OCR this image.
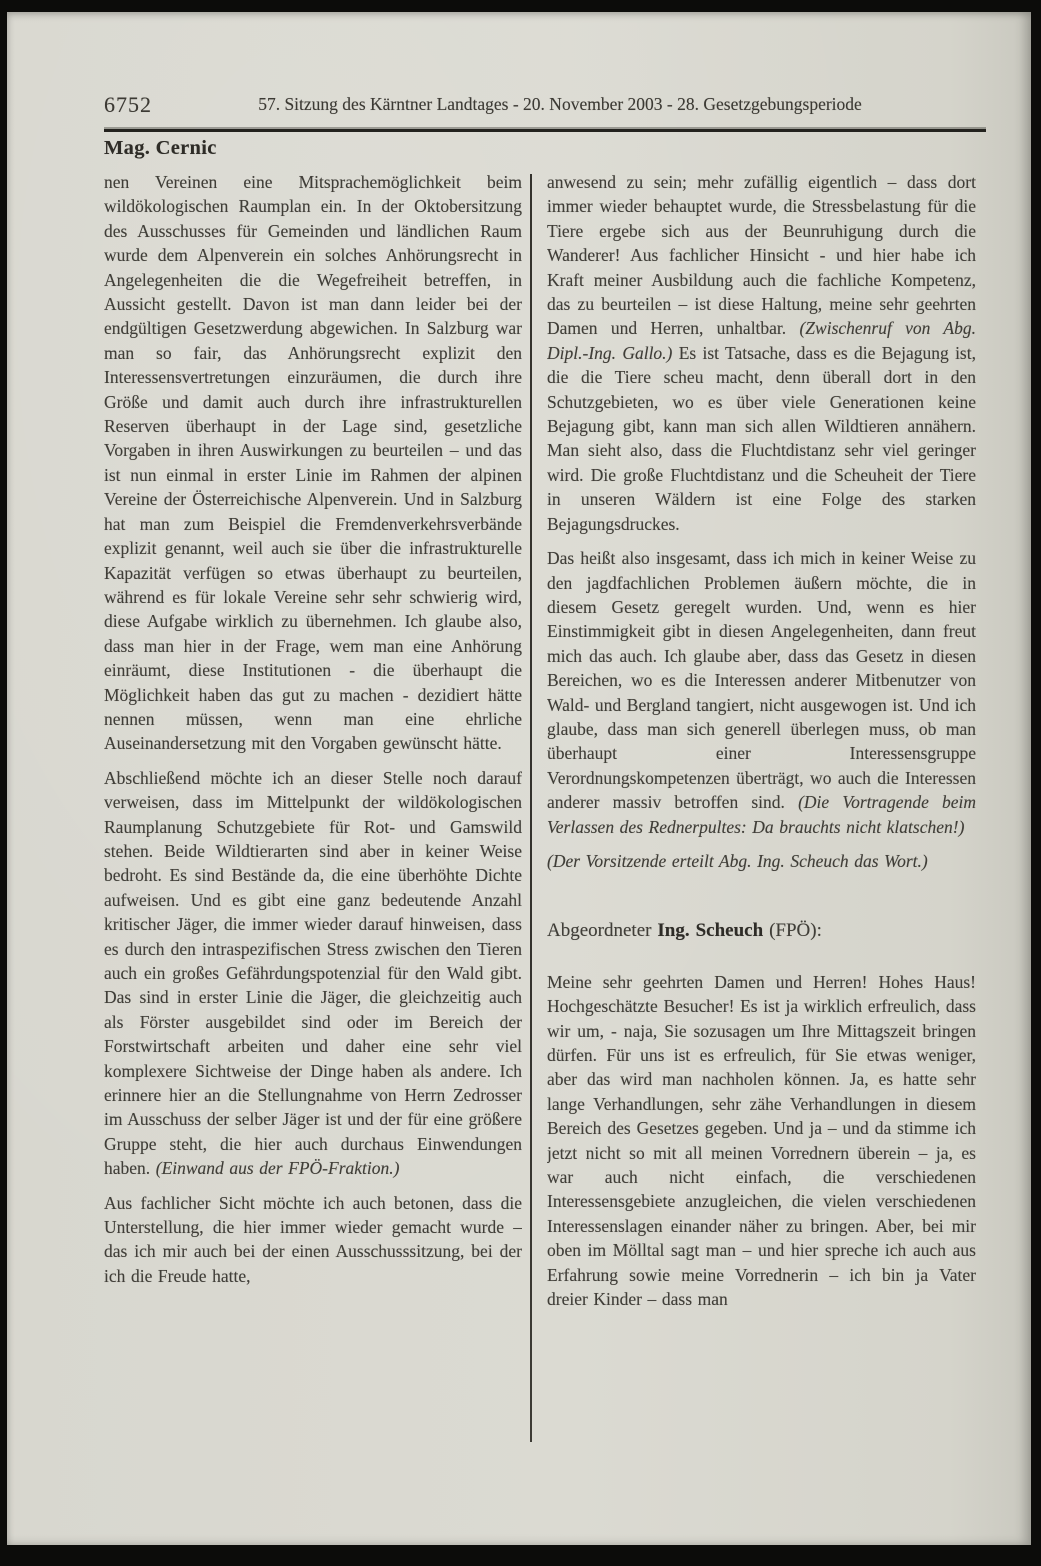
6752	57. Sitzung des Kärntner Landtages - 20. November 2003 - 28. Gesetzgebungsperiode
Mag. Cernic

nen Vereinen eine Mitsprachemöglichkeit beim wildökologischen Raumplan ein. In der Oktobersitzung des Ausschusses für Gemeinden und ländlichen Raum wurde dem Alpenverein ein solches Anhörungsrecht in Angelegenheiten die die Wegefreiheit betreffen, in Aussicht gestellt. Davon ist man dann leider bei der endgültigen Gesetzwerdung abgewichen. In Salzburg war man so fair, das Anhörungsrecht explizit den Interessensvertretungen einzuräumen, die durch ihre Größe und damit auch durch ihre infrastrukturellen Reserven überhaupt in der Lage sind, gesetzliche Vorgaben in ihren Auswirkungen zu beurteilen – und das ist nun einmal in erster Linie im Rahmen der alpinen Vereine der Österreichische Alpenverein. Und in Salzburg hat man zum Beispiel die Fremdenverkehrsverbände explizit genannt, weil auch sie über die infrastrukturelle Kapazität verfügen so etwas überhaupt zu beurteilen, während es für lokale Vereine sehr sehr schwierig wird, diese Aufgabe wirklich zu übernehmen. Ich glaube also, dass man hier in der Frage, wem man eine Anhörung einräumt, diese Institutionen - die überhaupt die Möglichkeit haben das gut zu machen - dezidiert hätte nennen müssen, wenn man eine ehrliche Auseinandersetzung mit den Vorgaben gewünscht hätte.

Abschließend möchte ich an dieser Stelle noch darauf verweisen, dass im Mittelpunkt der wildökologischen Raumplanung Schutzgebiete für Rot- und Gamswild stehen. Beide Wildtierarten sind aber in keiner Weise bedroht. Es sind Bestände da, die eine überhöhte Dichte aufweisen. Und es gibt eine ganz bedeutende Anzahl kritischer Jäger, die immer wieder darauf hinweisen, dass es durch den intraspezifischen Stress zwischen den Tieren auch ein großes Gefährdungspotenzial für den Wald gibt. Das sind in erster Linie die Jäger, die gleichzeitig auch als Förster ausgebildet sind oder im Bereich der Forstwirtschaft arbeiten und daher eine sehr viel komplexere Sichtweise der Dinge haben als andere. Ich erinnere hier an die Stellungnahme von Herrn Zedrosser im Ausschuss der selber Jäger ist und der für eine größere Gruppe steht, die hier auch durchaus Einwendungen haben. (Einwand aus der FPÖ-Fraktion.)

Aus fachlicher Sicht möchte ich auch betonen, dass die Unterstellung, die hier immer wieder gemacht wurde – das ich mir auch bei der einen Ausschusssitzung, bei der ich die Freude hatte,

anwesend zu sein; mehr zufällig eigentlich – dass dort immer wieder behauptet wurde, die Stressbelastung für die Tiere ergebe sich aus der Beunruhigung durch die Wanderer! Aus fachlicher Hinsicht - und hier habe ich Kraft meiner Ausbildung auch die fachliche Kompetenz, das zu beurteilen – ist diese Haltung, meine sehr geehrten Damen und Herren, unhaltbar. (Zwischenruf von Abg. Dipl.-Ing. Gallo.) Es ist Tatsache, dass es die Bejagung ist, die die Tiere scheu macht, denn überall dort in den Schutzgebieten, wo es über viele Generationen keine Bejagung gibt, kann man sich allen Wildtieren annähern. Man sieht also, dass die Fluchtdistanz sehr viel geringer wird. Die große Fluchtdistanz und die Scheuheit der Tiere in unseren Wäldern ist eine Folge des starken Bejagungsdruckes.

Das heißt also insgesamt, dass ich mich in keiner Weise zu den jagdfachlichen Problemen äußern möchte, die in diesem Gesetz geregelt wurden. Und, wenn es hier Einstimmigkeit gibt in diesen Angelegenheiten, dann freut mich das auch. Ich glaube aber, dass das Gesetz in diesen Bereichen, wo es die Interessen anderer Mitbenutzer von Wald- und Bergland tangiert, nicht ausgewogen ist. Und ich glaube, dass man sich generell überlegen muss, ob man überhaupt einer Interessensgruppe Verordnungskompetenzen überträgt, wo auch die Interessen anderer massiv betroffen sind. (Die Vortragende beim Verlassen des Rednerpultes: Da brauchts nicht klatschen!)

(Der Vorsitzende erteilt Abg. Ing. Scheuch das Wort.)

Abgeordneter Ing. Scheuch (FPÖ):

Meine sehr geehrten Damen und Herren! Hohes Haus! Hochgeschätzte Besucher! Es ist ja wirklich erfreulich, dass wir um, - naja, Sie sozusagen um Ihre Mittagszeit bringen dürfen. Für uns ist es erfreulich, für Sie etwas weniger, aber das wird man nachholen können. Ja, es hatte sehr lange Verhandlungen, sehr zähe Verhandlungen in diesem Bereich des Gesetzes gegeben. Und ja – und da stimme ich jetzt nicht so mit all meinen Vorrednern überein – ja, es war auch nicht einfach, die verschiedenen Interessensgebiete anzugleichen, die vielen verschiedenen Interessenslagen einander näher zu bringen. Aber, bei mir oben im Mölltal sagt man – und hier spreche ich auch aus Erfahrung sowie meine Vorrednerin – ich bin ja Vater dreier Kinder – dass man
